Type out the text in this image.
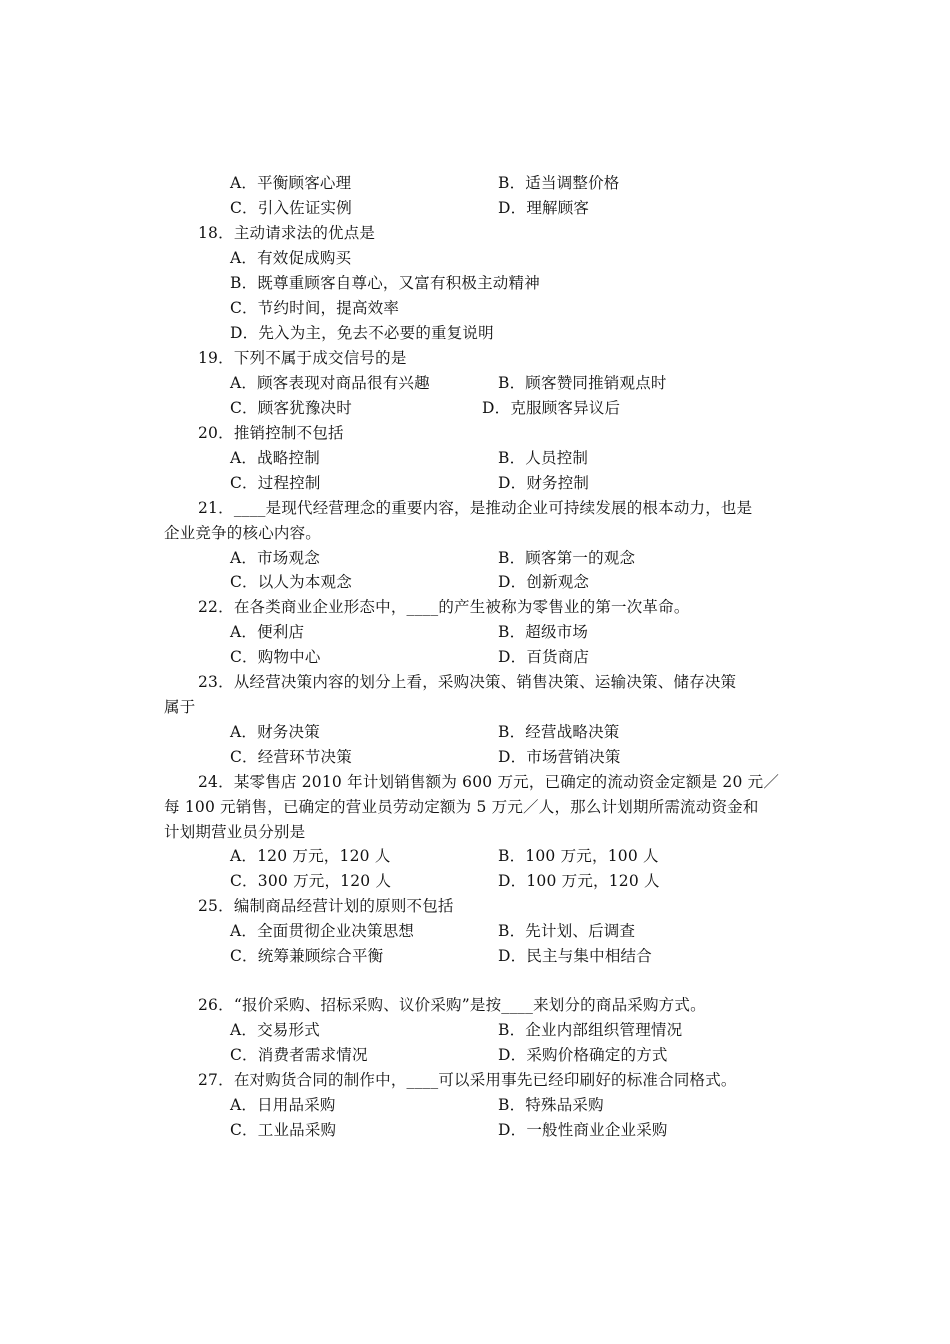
A．平衡顾客心理	B．适当调整价格
C．引入佐证实例	D．理解顾客
18．主动请求法的优点是
A．有效促成购买
B．既尊重顾客自尊心，又富有积极主动精神
C．节约时间，提高效率
D．先入为主，免去不必要的重复说明
19．下列不属于成交信号的是
A．顾客表现对商品很有兴趣	B．顾客赞同推销观点时
C．顾客犹豫决时	D．克服顾客异议后
20．推销控制不包括
A．战略控制	B．人员控制
C．过程控制	D．财务控制
21．____是现代经营理念的重要内容，是推动企业可持续发展的根本动力，也是
企业竞争的核心内容。
A．市场观念	B．顾客第一的观念
C．以人为本观念	D．创新观念
22．在各类商业企业形态中，____的产生被称为零售业的第一次革命。
A．便利店	B．超级市场
C．购物中心	D．百货商店
23．从经营决策内容的划分上看，采购决策、销售决策、运输决策、储存决策
属于
A．财务决策	B．经营战略决策
C．经营环节决策	D．市场营销决策
24．某零售店 2010 年计划销售额为 600 万元，已确定的流动资金定额是 20 元／
每 100 元销售，已确定的营业员劳动定额为 5 万元／人，那么计划期所需流动资金和
计划期营业员分别是
A．120 万元，120 人	B．100 万元，100 人
C．300 万元，120 人	D．100 万元，120 人
25．编制商品经营计划的原则不包括
A．全面贯彻企业决策思想	B．先计划、后调查
C．统筹兼顾综合平衡	D．民主与集中相结合
26．“报价采购、招标采购、议价采购”是按____来划分的商品采购方式。
A．交易形式	B．企业内部组织管理情况
C．消费者需求情况	D．采购价格确定的方式
27．在对购货合同的制作中，____可以采用事先已经印刷好的标准合同格式。
A．日用品采购	B．特殊品采购
C．工业品采购	D．一般性商业企业采购
